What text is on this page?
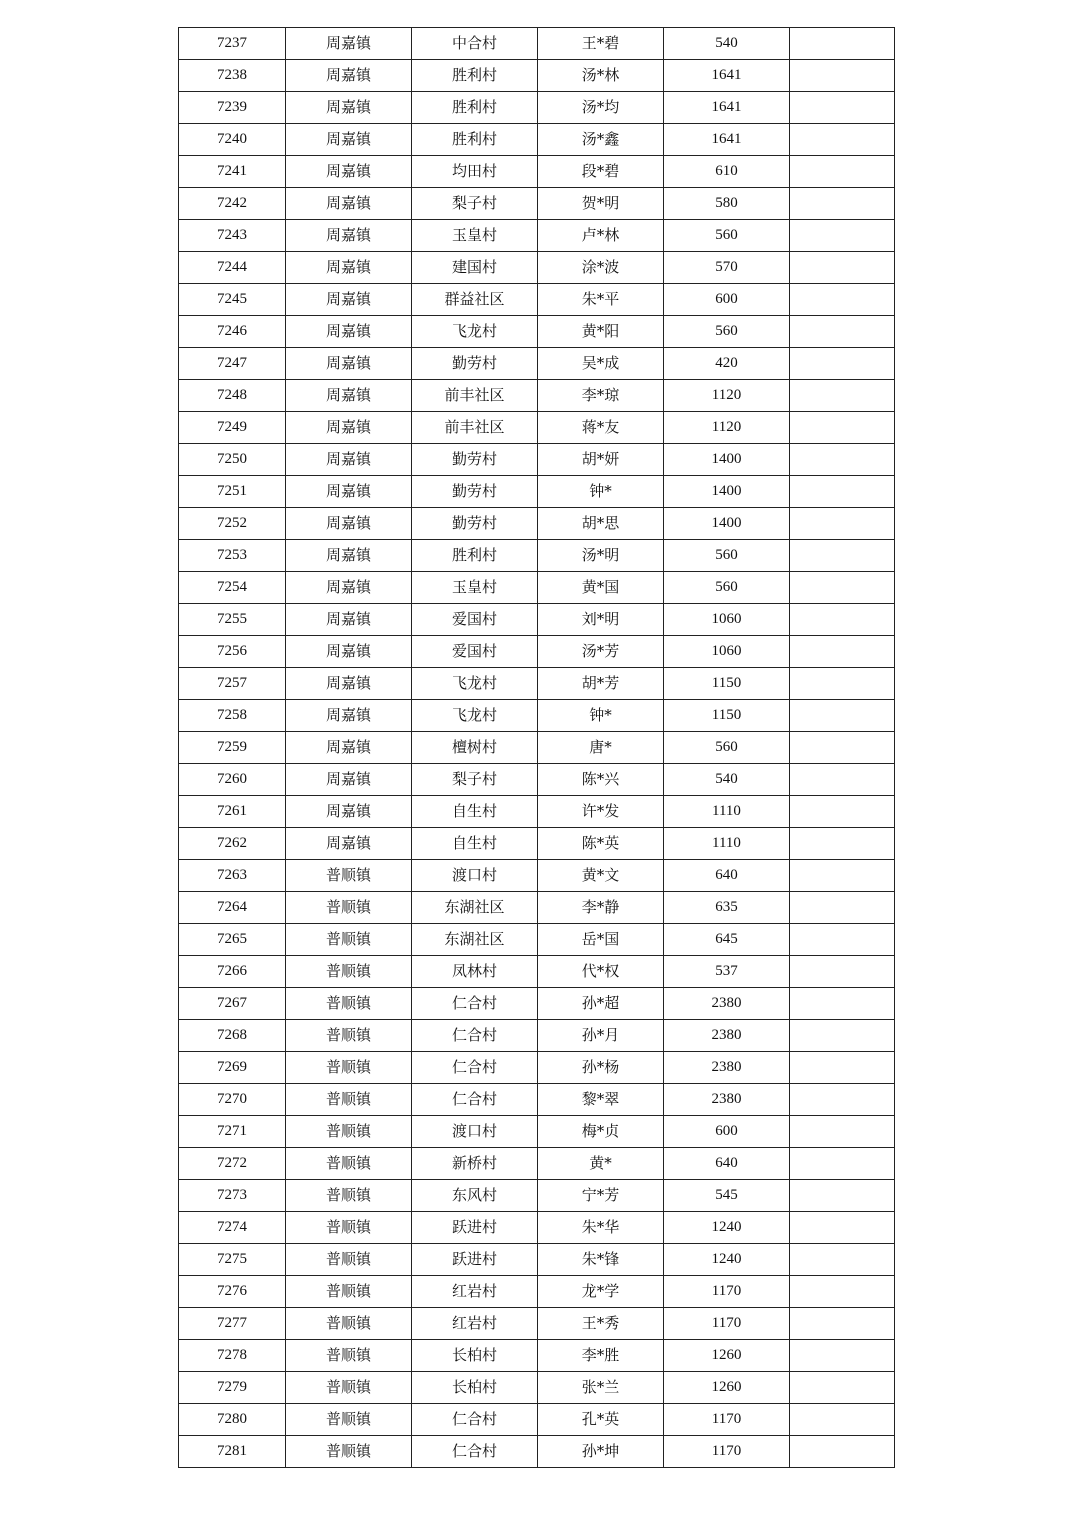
7237	周嘉镇	中合村	王*碧	540	
7238	周嘉镇	胜利村	汤*林	1641	
7239	周嘉镇	胜利村	汤*均	1641	
7240	周嘉镇	胜利村	汤*鑫	1641	
7241	周嘉镇	均田村	段*碧	610	
7242	周嘉镇	梨子村	贺*明	580	
7243	周嘉镇	玉皇村	卢*林	560	
7244	周嘉镇	建国村	涂*波	570	
7245	周嘉镇	群益社区	朱*平	600	
7246	周嘉镇	飞龙村	黄*阳	560	
7247	周嘉镇	勤劳村	吴*成	420	
7248	周嘉镇	前丰社区	李*琼	1120	
7249	周嘉镇	前丰社区	蒋*友	1120	
7250	周嘉镇	勤劳村	胡*妍	1400	
7251	周嘉镇	勤劳村	钟*	1400	
7252	周嘉镇	勤劳村	胡*思	1400	
7253	周嘉镇	胜利村	汤*明	560	
7254	周嘉镇	玉皇村	黄*国	560	
7255	周嘉镇	爱国村	刘*明	1060	
7256	周嘉镇	爱国村	汤*芳	1060	
7257	周嘉镇	飞龙村	胡*芳	1150	
7258	周嘉镇	飞龙村	钟*	1150	
7259	周嘉镇	檀树村	唐*	560	
7260	周嘉镇	梨子村	陈*兴	540	
7261	周嘉镇	自生村	许*发	1110	
7262	周嘉镇	自生村	陈*英	1110	
7263	普顺镇	渡口村	黄*文	640	
7264	普顺镇	东湖社区	李*静	635	
7265	普顺镇	东湖社区	岳*国	645	
7266	普顺镇	凤林村	代*权	537	
7267	普顺镇	仁合村	孙*超	2380	
7268	普顺镇	仁合村	孙*月	2380	
7269	普顺镇	仁合村	孙*杨	2380	
7270	普顺镇	仁合村	黎*翠	2380	
7271	普顺镇	渡口村	梅*贞	600	
7272	普顺镇	新桥村	黄*	640	
7273	普顺镇	东风村	宁*芳	545	
7274	普顺镇	跃进村	朱*华	1240	
7275	普顺镇	跃进村	朱*锋	1240	
7276	普顺镇	红岩村	龙*学	1170	
7277	普顺镇	红岩村	王*秀	1170	
7278	普顺镇	长柏村	李*胜	1260	
7279	普顺镇	长柏村	张*兰	1260	
7280	普顺镇	仁合村	孔*英	1170	
7281	普顺镇	仁合村	孙*坤	1170	
